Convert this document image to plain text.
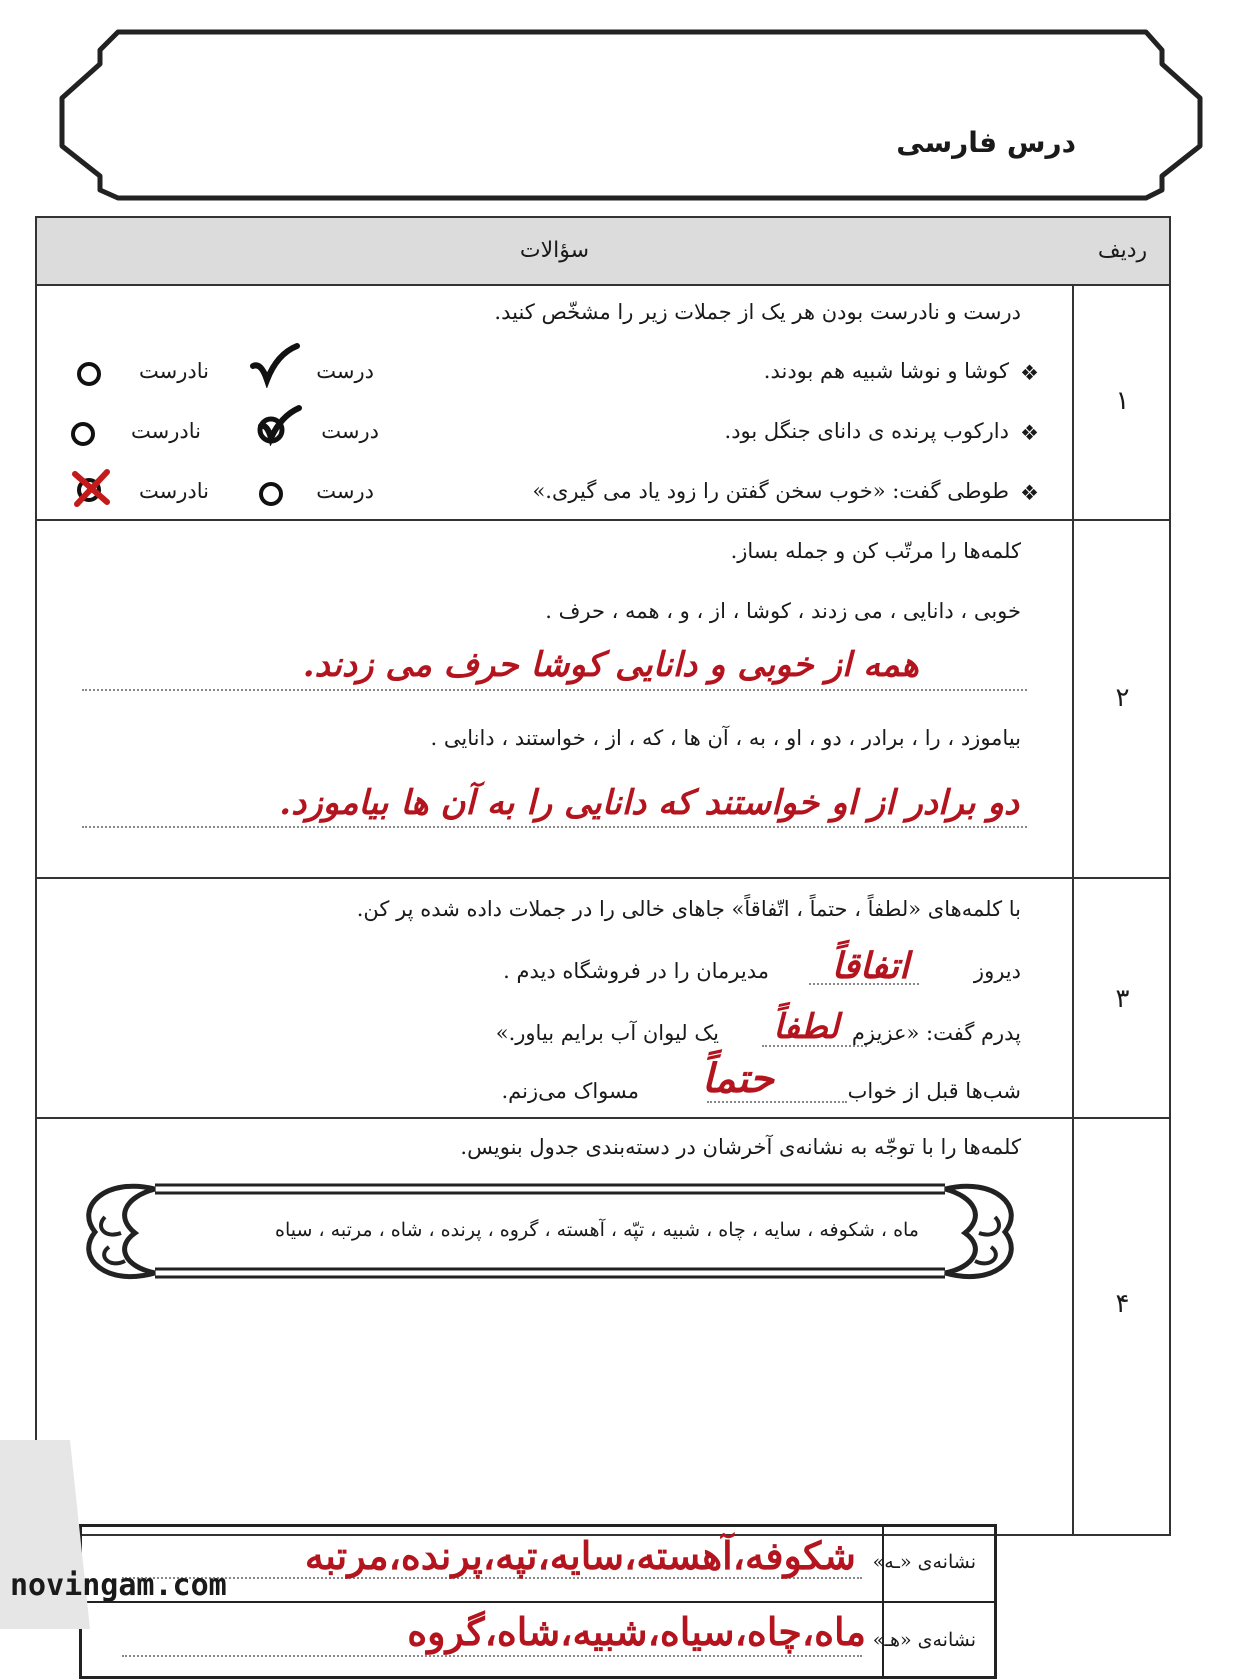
درس فارسی
سؤالات	ردیف
۱
درست و نادرست بودن هر یک از جملات زیر را مشخّص کنید.
❖
کوشا و نوشا شبیه هم بودند.
درست
نادرست
❖
دارکوب پرنده ی دانای جنگل بود.
درست
نادرست
❖
طوطی گفت: «خوب سخن گفتن را زود یاد می گیری.»
درست
نادرست
۲
کلمه‌ها را مرتّب کن و جمله بساز.
خوبی ، دانایی ، می زدند ، کوشا ، از ، و ، همه ، حرف .
همه از خوبی و دانایی کوشا حرف می زدند.
بیاموزد ، را ، برادر ، دو ، او ، به ، آن ها ، که ، از ، خواستند ، دانایی .
دو برادر از او خواستند که دانایی را به آن ها بیاموزد.
۳
با کلمه‌های «لطفاً ، حتماً ، اتّفاقاً» جاهای خالی را در جملات داده شده پر کن.
دیروز
اتفاقاً
مدیرمان را در فروشگاه دیدم .
پدرم گفت: «عزیزم
لطفاً
یک لیوان آب برایم بیاور.»
شب‌ها قبل از خواب
حتماً
مسواک می‌زنم.
۴
کلمه‌ها را با توجّه به نشانه‌ی آخرشان در دسته‌بندی جدول بنویس.
ماه ، شکوفه ، سایه ، چاه ، شبیه ، تپّه ، آهسته ، گروه ، پرنده ، شاه ، مرتبه ، سیاه
نشانه‌ی «ـه»
شکوفه،آهسته،سایه،تپه،پرنده،مرتبه
نشانه‌ی «هـ»
ماه،چاه،سیاه،شبیه،شاه،گروه
novingam.com
